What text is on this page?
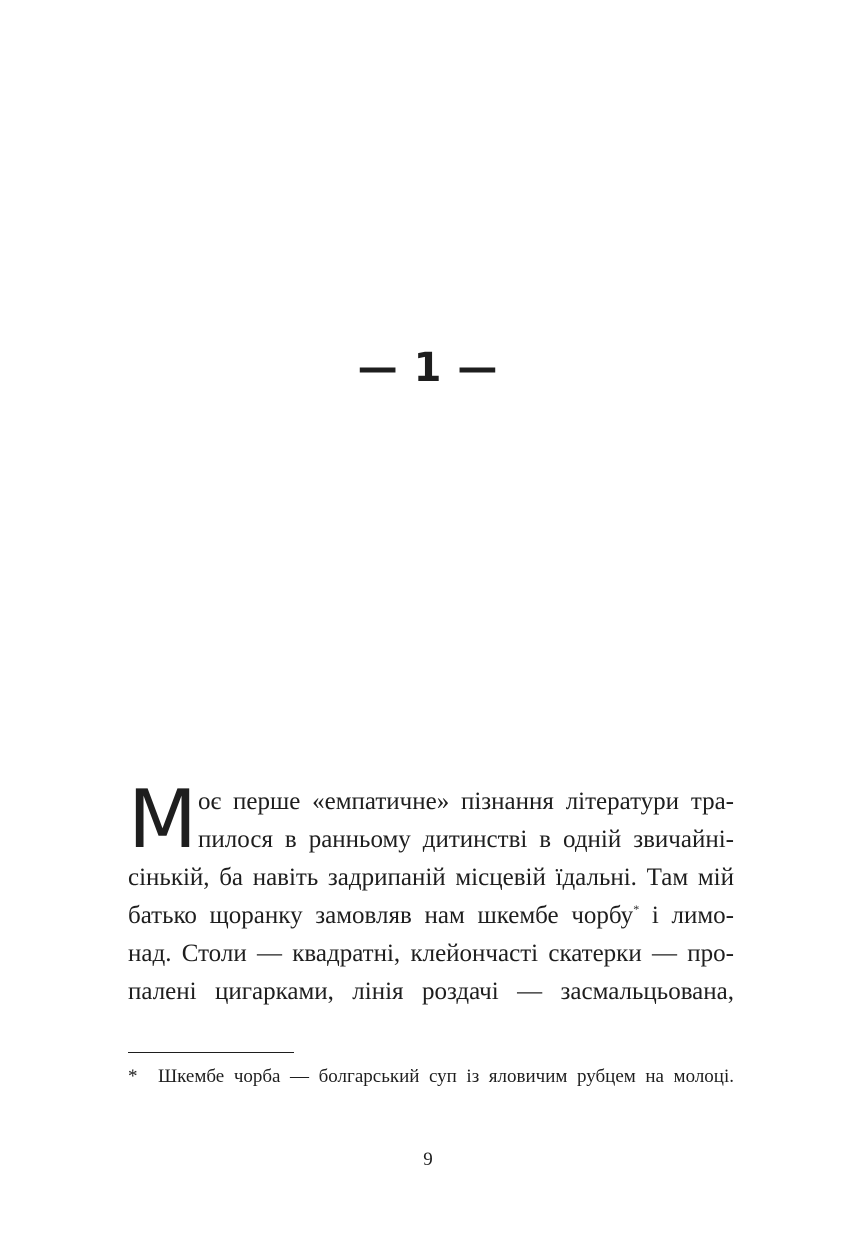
— 1 —
М оє перше «емпатичне» пізнання літератури тра-
пилося в ранньому дитинстві в одній звичайні-
сінькій, ба навіть задрипаній місцевій їдальні. Там мій
батько щоранку замовляв нам шкембе чорбу* і лимо-
над. Столи — квадратні, клейончасті скатерки — про-
палені цигарками, лінія роздачі — засмальцьована,
* Шкембе чорба — болгарський суп із яловичим рубцем на молоці.
9
